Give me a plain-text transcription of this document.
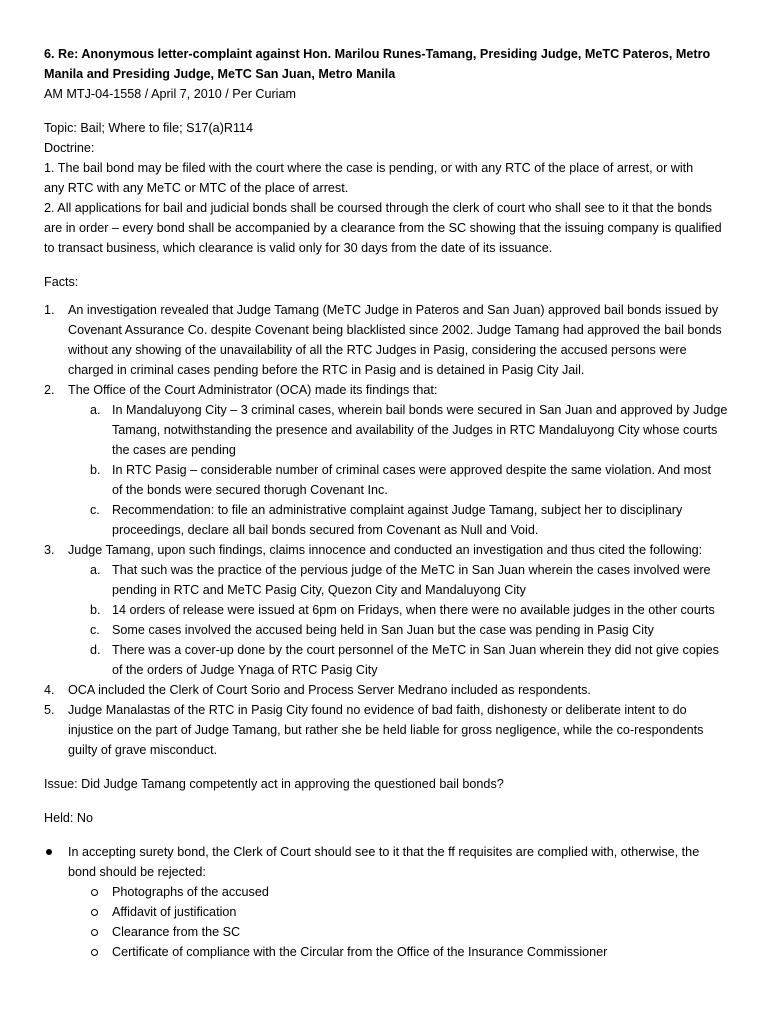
6. Re: Anonymous letter-complaint against Hon. Marilou Runes-Tamang, Presiding Judge, MeTC Pateros, Metro
Manila and Presiding Judge, MeTC San Juan, Metro Manila
AM MTJ-04-1558 / April 7, 2010 / Per Curiam
Topic: Bail; Where to file; S17(a)R114
Doctrine:
1. The bail bond may be filed with the court where the case is pending, or with any RTC of the place of arrest, or with
any RTC with any MeTC or MTC of the place of arrest.
2. All applications for bail and judicial bonds shall be coursed through the clerk of court who shall see to it that the bonds
are in order – every bond shall be accompanied by a clearance from the SC showing that the issuing company is qualified
to transact business, which clearance is valid only for 30 days from the date of its issuance.
Facts:
1. An investigation revealed that Judge Tamang (MeTC Judge in Pateros and San Juan) approved bail bonds issued by
Covenant Assurance Co. despite Covenant being blacklisted since 2002. Judge Tamang had approved the bail bonds
without any showing of the unavailability of all the RTC Judges in Pasig, considering the accused persons were
charged in criminal cases pending before the RTC in Pasig and is detained in Pasig City Jail.
2. The Office of the Court Administrator (OCA) made its findings that:
a. In Mandaluyong City – 3 criminal cases, wherein bail bonds were secured in San Juan and approved by Judge
Tamang, notwithstanding the presence and availability of the Judges in RTC Mandaluyong City whose courts
the cases are pending
b. In RTC Pasig – considerable number of criminal cases were approved despite the same violation. And most
of the bonds were secured thorugh Covenant Inc.
c. Recommendation: to file an administrative complaint against Judge Tamang, subject her to disciplinary
proceedings, declare all bail bonds secured from Covenant as Null and Void.
3. Judge Tamang, upon such findings, claims innocence and conducted an investigation and thus cited the following:
a. That such was the practice of the pervious judge of the MeTC in San Juan wherein the cases involved were
pending in RTC and MeTC Pasig City, Quezon City and Mandaluyong City
b. 14 orders of release were issued at 6pm on Fridays, when there were no available judges in the other courts
c. Some cases involved the accused being held in San Juan but the case was pending in Pasig City
d. There was a cover-up done by the court personnel of the MeTC in San Juan wherein they did not give copies
of the orders of Judge Ynaga of RTC Pasig City
4. OCA included the Clerk of Court Sorio and Process Server Medrano included as respondents.
5. Judge Manalastas of the RTC in Pasig City found no evidence of bad faith, dishonesty or deliberate intent to do
injustice on the part of Judge Tamang, but rather she be held liable for gross negligence, while the co-respondents
guilty of grave misconduct.
Issue: Did Judge Tamang competently act in approving the questioned bail bonds?
Held: No
In accepting surety bond, the Clerk of Court should see to it that the ff requisites are complied with, otherwise, the
bond should be rejected:
Photographs of the accused
Affidavit of justification
Clearance from the SC
Certificate of compliance with the Circular from the Office of the Insurance Commissioner
